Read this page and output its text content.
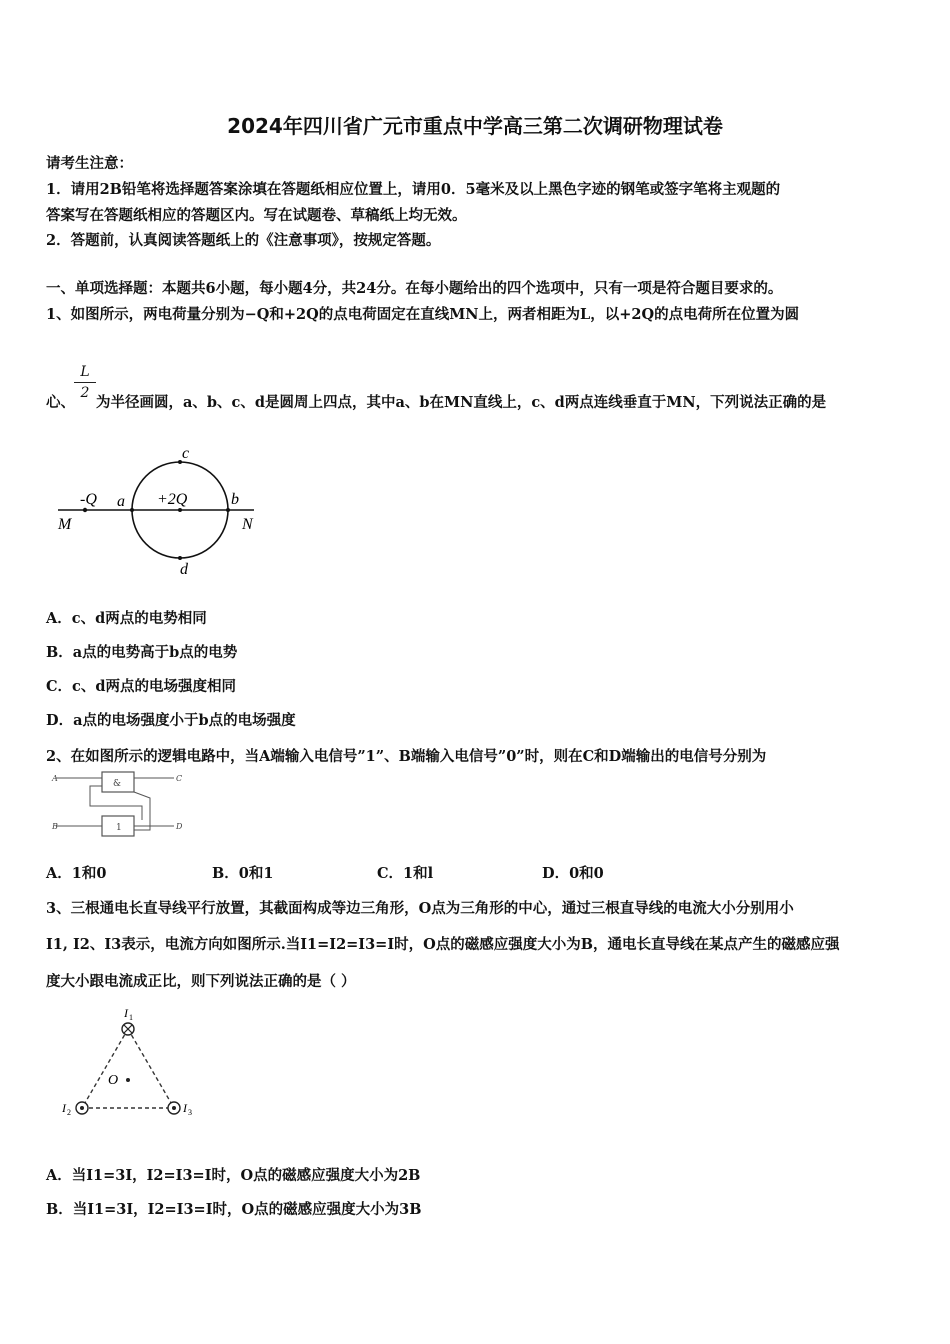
2024年四川省广元市重点中学高三第二次调研物理试卷
请考生注意：
1．请用2B铅笔将选择题答案涂填在答题纸相应位置上，请用0．5毫米及以上黑色字迹的钢笔或签字笔将主观题的
答案写在答题纸相应的答题区内。写在试题卷、草稿纸上均无效。
2．答题前，认真阅读答题纸上的《注意事项》，按规定答题。
一、单项选择题：本题共6小题，每小题4分，共24分。在每小题给出的四个选项中，只有一项是符合题目要求的。
1、如图所示，两电荷量分别为−Q和+2Q的点电荷固定在直线MN上，两者相距为L，以+2Q的点电荷所在位置为圆
心、
L
2
为半径画圆，a、b、c、d是圆周上四点，其中a、b在MN直线上，c、d两点连线垂直于MN，下列说法正确的是
-Q	+2Q
a	b
c
d
M	N
A．c、d两点的电势相同
B．a点的电势高于b点的电势
C．c、d两点的电场强度相同
D．a点的电场强度小于b点的电场强度
2、在如图所示的逻辑电路中，当A端输入电信号”1”、B端输入电信号”0”时，则在C和D端输出的电信号分别为
A
B
C
D
&
1
A．1和0	B．0和1	C．1和l	D．0和0
3、三根通电长直导线平行放置，其截面构成等边三角形，O点为三角形的中心，通过三根直导线的电流大小分别用小
I1, I2、I3表示，电流方向如图所示.当I1=I2=I3=I时，O点的磁感应强度大小为B，通电长直导线在某点产生的磁感应强
度大小跟电流成正比，则下列说法正确的是（ ）
O
I 1
I 2	I 3
A．当I1=3I，I2=I3=I时，O点的磁感应强度大小为2B
B．当I1=3I，I2=I3=I时，O点的磁感应强度大小为3B
